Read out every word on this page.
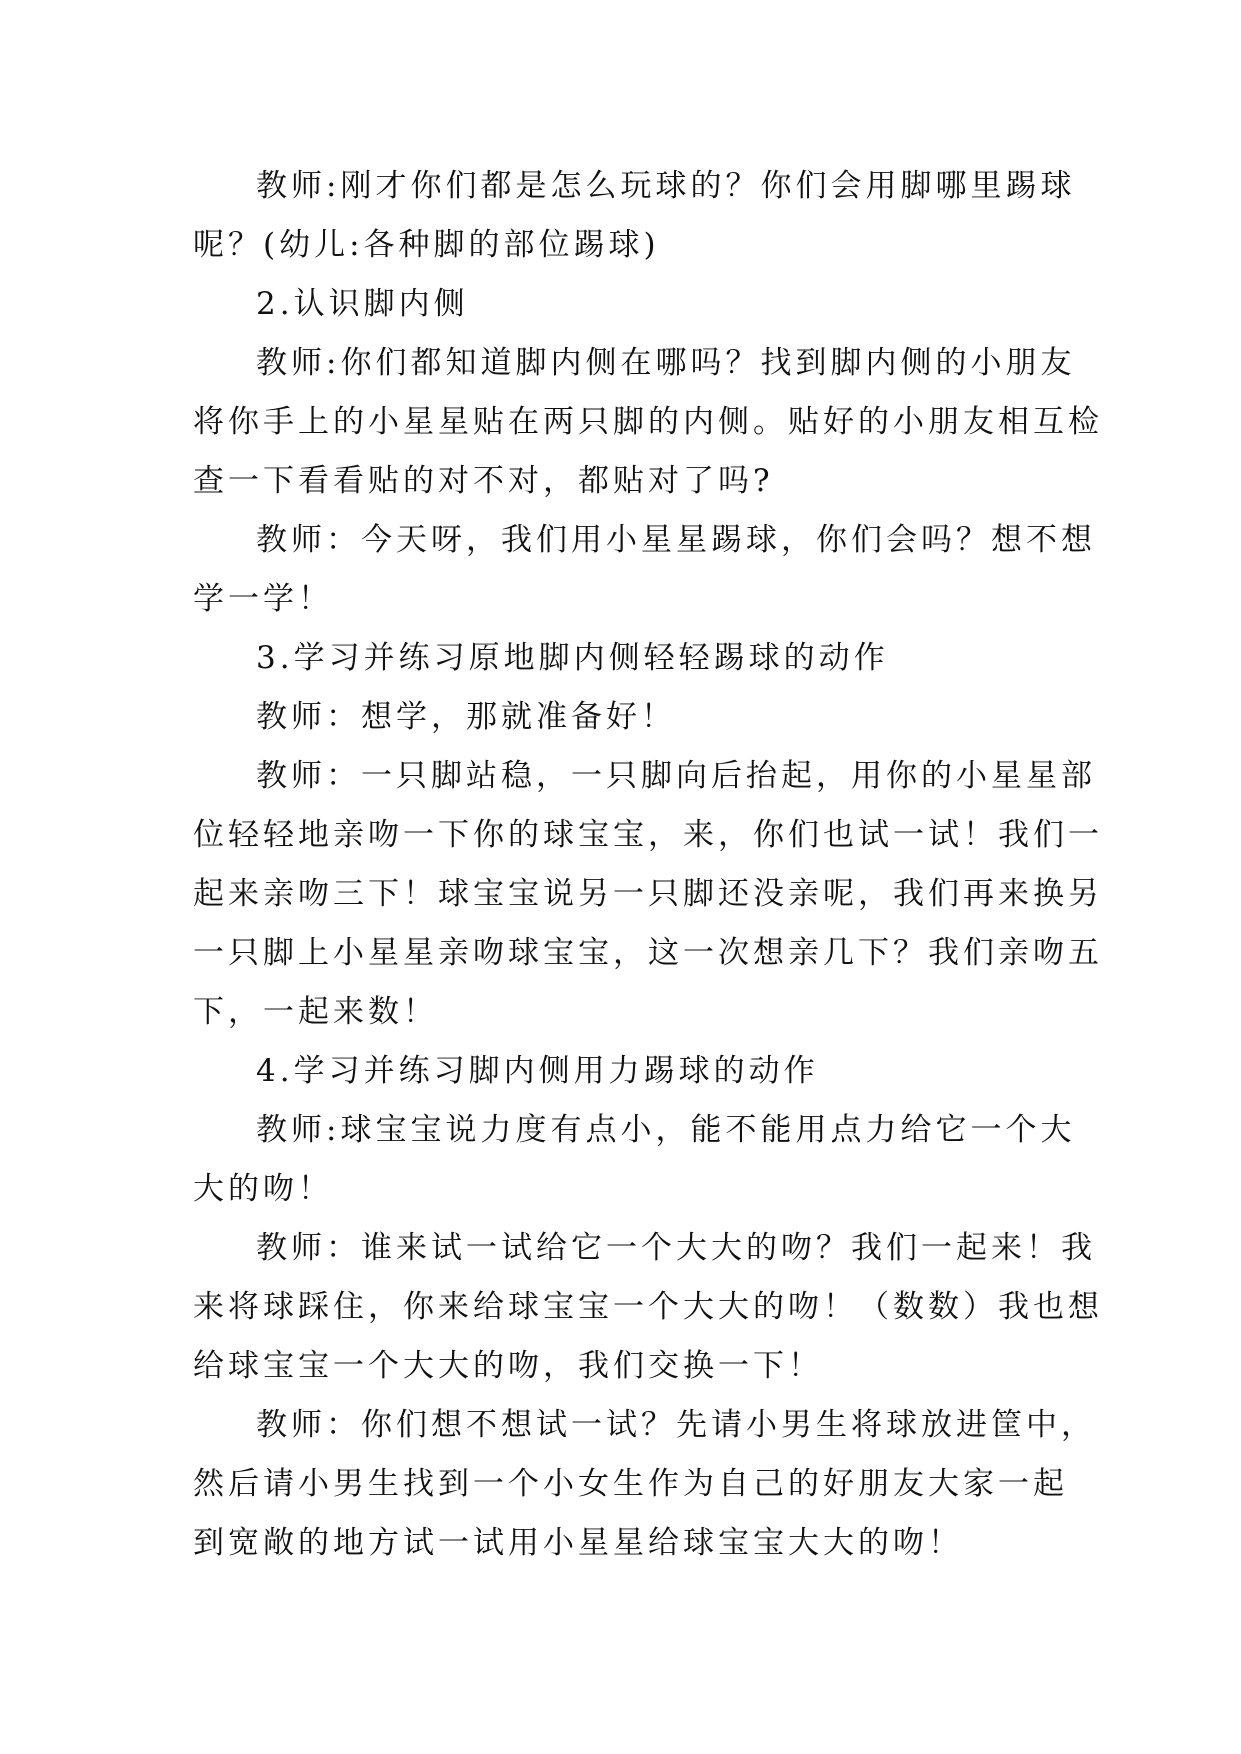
教师:刚才你们都是怎么玩球的？你们会用脚哪里踢球
呢？(幼儿:各种脚的部位踢球)
2.认识脚内侧
教师:你们都知道脚内侧在哪吗？找到脚内侧的小朋友
将你手上的小星星贴在两只脚的内侧。贴好的小朋友相互检
查一下看看贴的对不对，都贴对了吗?
教师：今天呀，我们用小星星踢球，你们会吗？想不想
学一学！
3.学习并练习原地脚内侧轻轻踢球的动作
教师：想学，那就准备好！
教师：一只脚站稳，一只脚向后抬起，用你的小星星部
位轻轻地亲吻一下你的球宝宝，来，你们也试一试！我们一
起来亲吻三下！球宝宝说另一只脚还没亲呢，我们再来换另
一只脚上小星星亲吻球宝宝，这一次想亲几下？我们亲吻五
下，一起来数！
4.学习并练习脚内侧用力踢球的动作
教师:球宝宝说力度有点小，能不能用点力给它一个大
大的吻！
教师：谁来试一试给它一个大大的吻？我们一起来！我
来将球踩住，你来给球宝宝一个大大的吻！（数数）我也想
给球宝宝一个大大的吻，我们交换一下！
教师：你们想不想试一试？先请小男生将球放进筐中，
然后请小男生找到一个小女生作为自己的好朋友大家一起
到宽敞的地方试一试用小星星给球宝宝大大的吻！
